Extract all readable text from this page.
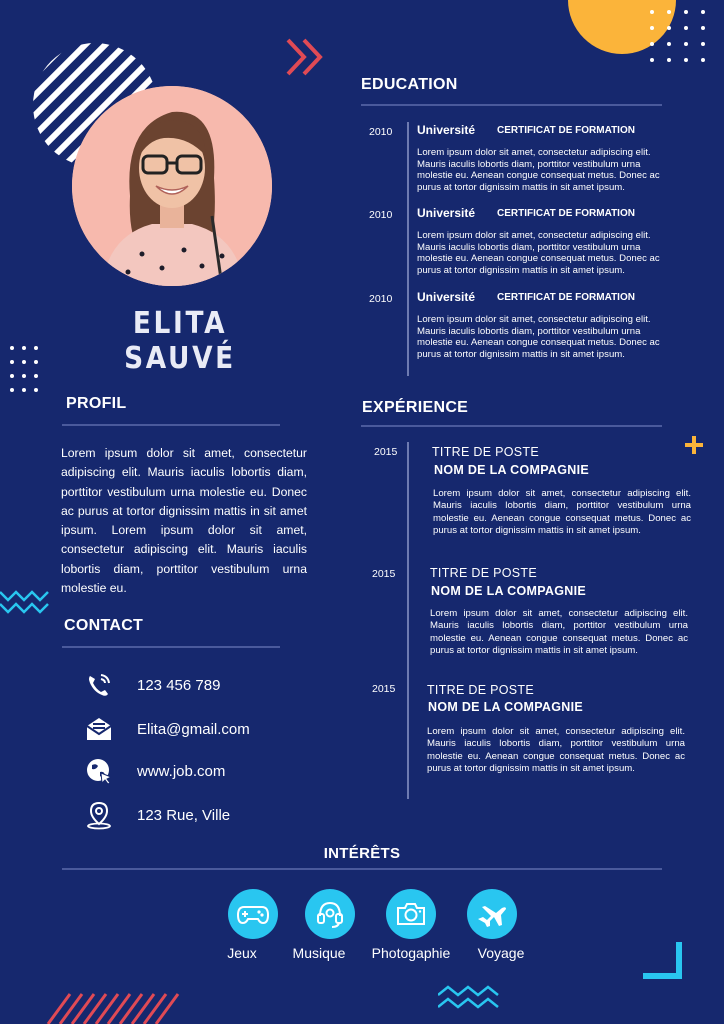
ELITA SAUVÉ
PROFIL
Lorem ipsum dolor sit amet, consectetur adipiscing elit. Mauris iaculis lobortis diam, porttitor vestibulum urna molestie eu. Donec ac purus at tortor dignissim mattis in sit amet ipsum. Lorem ipsum dolor sit amet, consectetur adipiscing elit. Mauris iaculis lobortis diam, porttitor vestibulum urna molestie eu.
CONTACT
123 456 789
Elita@gmail.com
www.job.com
123 Rue, Ville
EDUCATION
2010 Université CERTIFICAT DE FORMATION
Lorem ipsum dolor sit amet, consectetur adipiscing elit. Mauris iaculis lobortis diam, porttitor vestibulum urna molestie eu. Aenean congue consequat metus. Donec ac purus at tortor dignissim mattis in sit amet ipsum.
2010 Université CERTIFICAT DE FORMATION
Lorem ipsum dolor sit amet, consectetur adipiscing elit. Mauris iaculis lobortis diam, porttitor vestibulum urna molestie eu. Aenean congue consequat metus. Donec ac purus at tortor dignissim mattis in sit amet ipsum.
2010 Université CERTIFICAT DE FORMATION
Lorem ipsum dolor sit amet, consectetur adipiscing elit. Mauris iaculis lobortis diam, porttitor vestibulum urna molestie eu. Aenean congue consequat metus. Donec ac purus at tortor dignissim mattis in sit amet ipsum.
EXPÉRIENCE
2015	TITRE DE POSTE
NOM DE LA COMPAGNIE
Lorem ipsum dolor sit amet, consectetur adipiscing elit. Mauris iaculis lobortis diam, porttitor vestibulum urna molestie eu. Aenean congue consequat metus. Donec ac purus at tortor dignissim mattis in sit amet ipsum.
2015	TITRE DE POSTE
NOM DE LA COMPAGNIE
Lorem ipsum dolor sit amet, consectetur adipiscing elit. Mauris iaculis lobortis diam, porttitor vestibulum urna molestie eu. Aenean congue consequat metus. Donec ac purus at tortor dignissim mattis in sit amet ipsum.
2015	TITRE DE POSTE
NOM DE LA COMPAGNIE
Lorem ipsum dolor sit amet, consectetur adipiscing elit. Mauris iaculis lobortis diam, porttitor vestibulum urna molestie eu. Aenean congue consequat metus. Donec ac purus at tortor dignissim mattis in sit amet ipsum.
INTÉRÊTS
Jeux	Musique	Photogaphie	Voyage
